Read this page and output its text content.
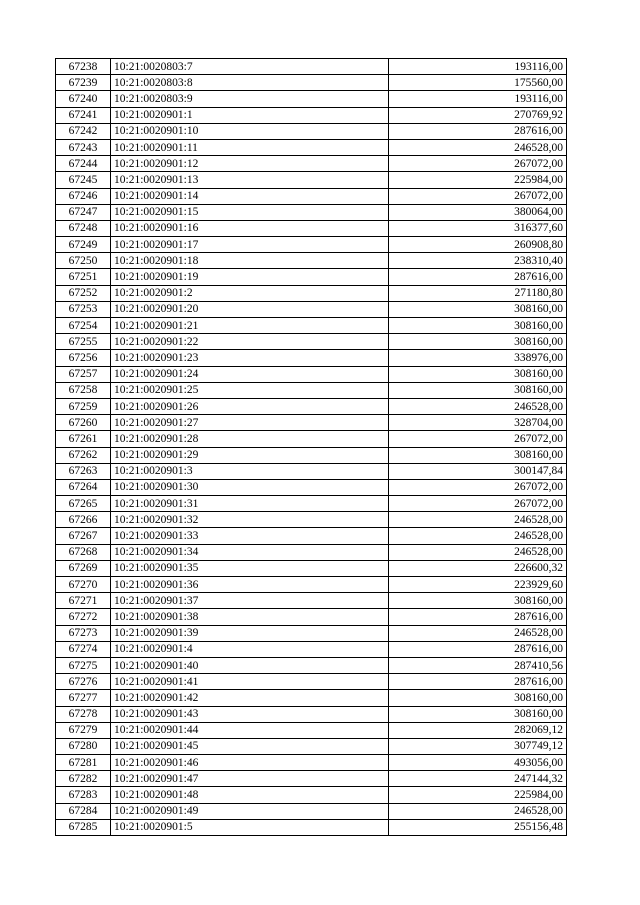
67238	10:21:0020803:7	193116,00
67239	10:21:0020803:8	175560,00
67240	10:21:0020803:9	193116,00
67241	10:21:0020901:1	270769,92
67242	10:21:0020901:10	287616,00
67243	10:21:0020901:11	246528,00
67244	10:21:0020901:12	267072,00
67245	10:21:0020901:13	225984,00
67246	10:21:0020901:14	267072,00
67247	10:21:0020901:15	380064,00
67248	10:21:0020901:16	316377,60
67249	10:21:0020901:17	260908,80
67250	10:21:0020901:18	238310,40
67251	10:21:0020901:19	287616,00
67252	10:21:0020901:2	271180,80
67253	10:21:0020901:20	308160,00
67254	10:21:0020901:21	308160,00
67255	10:21:0020901:22	308160,00
67256	10:21:0020901:23	338976,00
67257	10:21:0020901:24	308160,00
67258	10:21:0020901:25	308160,00
67259	10:21:0020901:26	246528,00
67260	10:21:0020901:27	328704,00
67261	10:21:0020901:28	267072,00
67262	10:21:0020901:29	308160,00
67263	10:21:0020901:3	300147,84
67264	10:21:0020901:30	267072,00
67265	10:21:0020901:31	267072,00
67266	10:21:0020901:32	246528,00
67267	10:21:0020901:33	246528,00
67268	10:21:0020901:34	246528,00
67269	10:21:0020901:35	226600,32
67270	10:21:0020901:36	223929,60
67271	10:21:0020901:37	308160,00
67272	10:21:0020901:38	287616,00
67273	10:21:0020901:39	246528,00
67274	10:21:0020901:4	287616,00
67275	10:21:0020901:40	287410,56
67276	10:21:0020901:41	287616,00
67277	10:21:0020901:42	308160,00
67278	10:21:0020901:43	308160,00
67279	10:21:0020901:44	282069,12
67280	10:21:0020901:45	307749,12
67281	10:21:0020901:46	493056,00
67282	10:21:0020901:47	247144,32
67283	10:21:0020901:48	225984,00
67284	10:21:0020901:49	246528,00
67285	10:21:0020901:5	255156,48
